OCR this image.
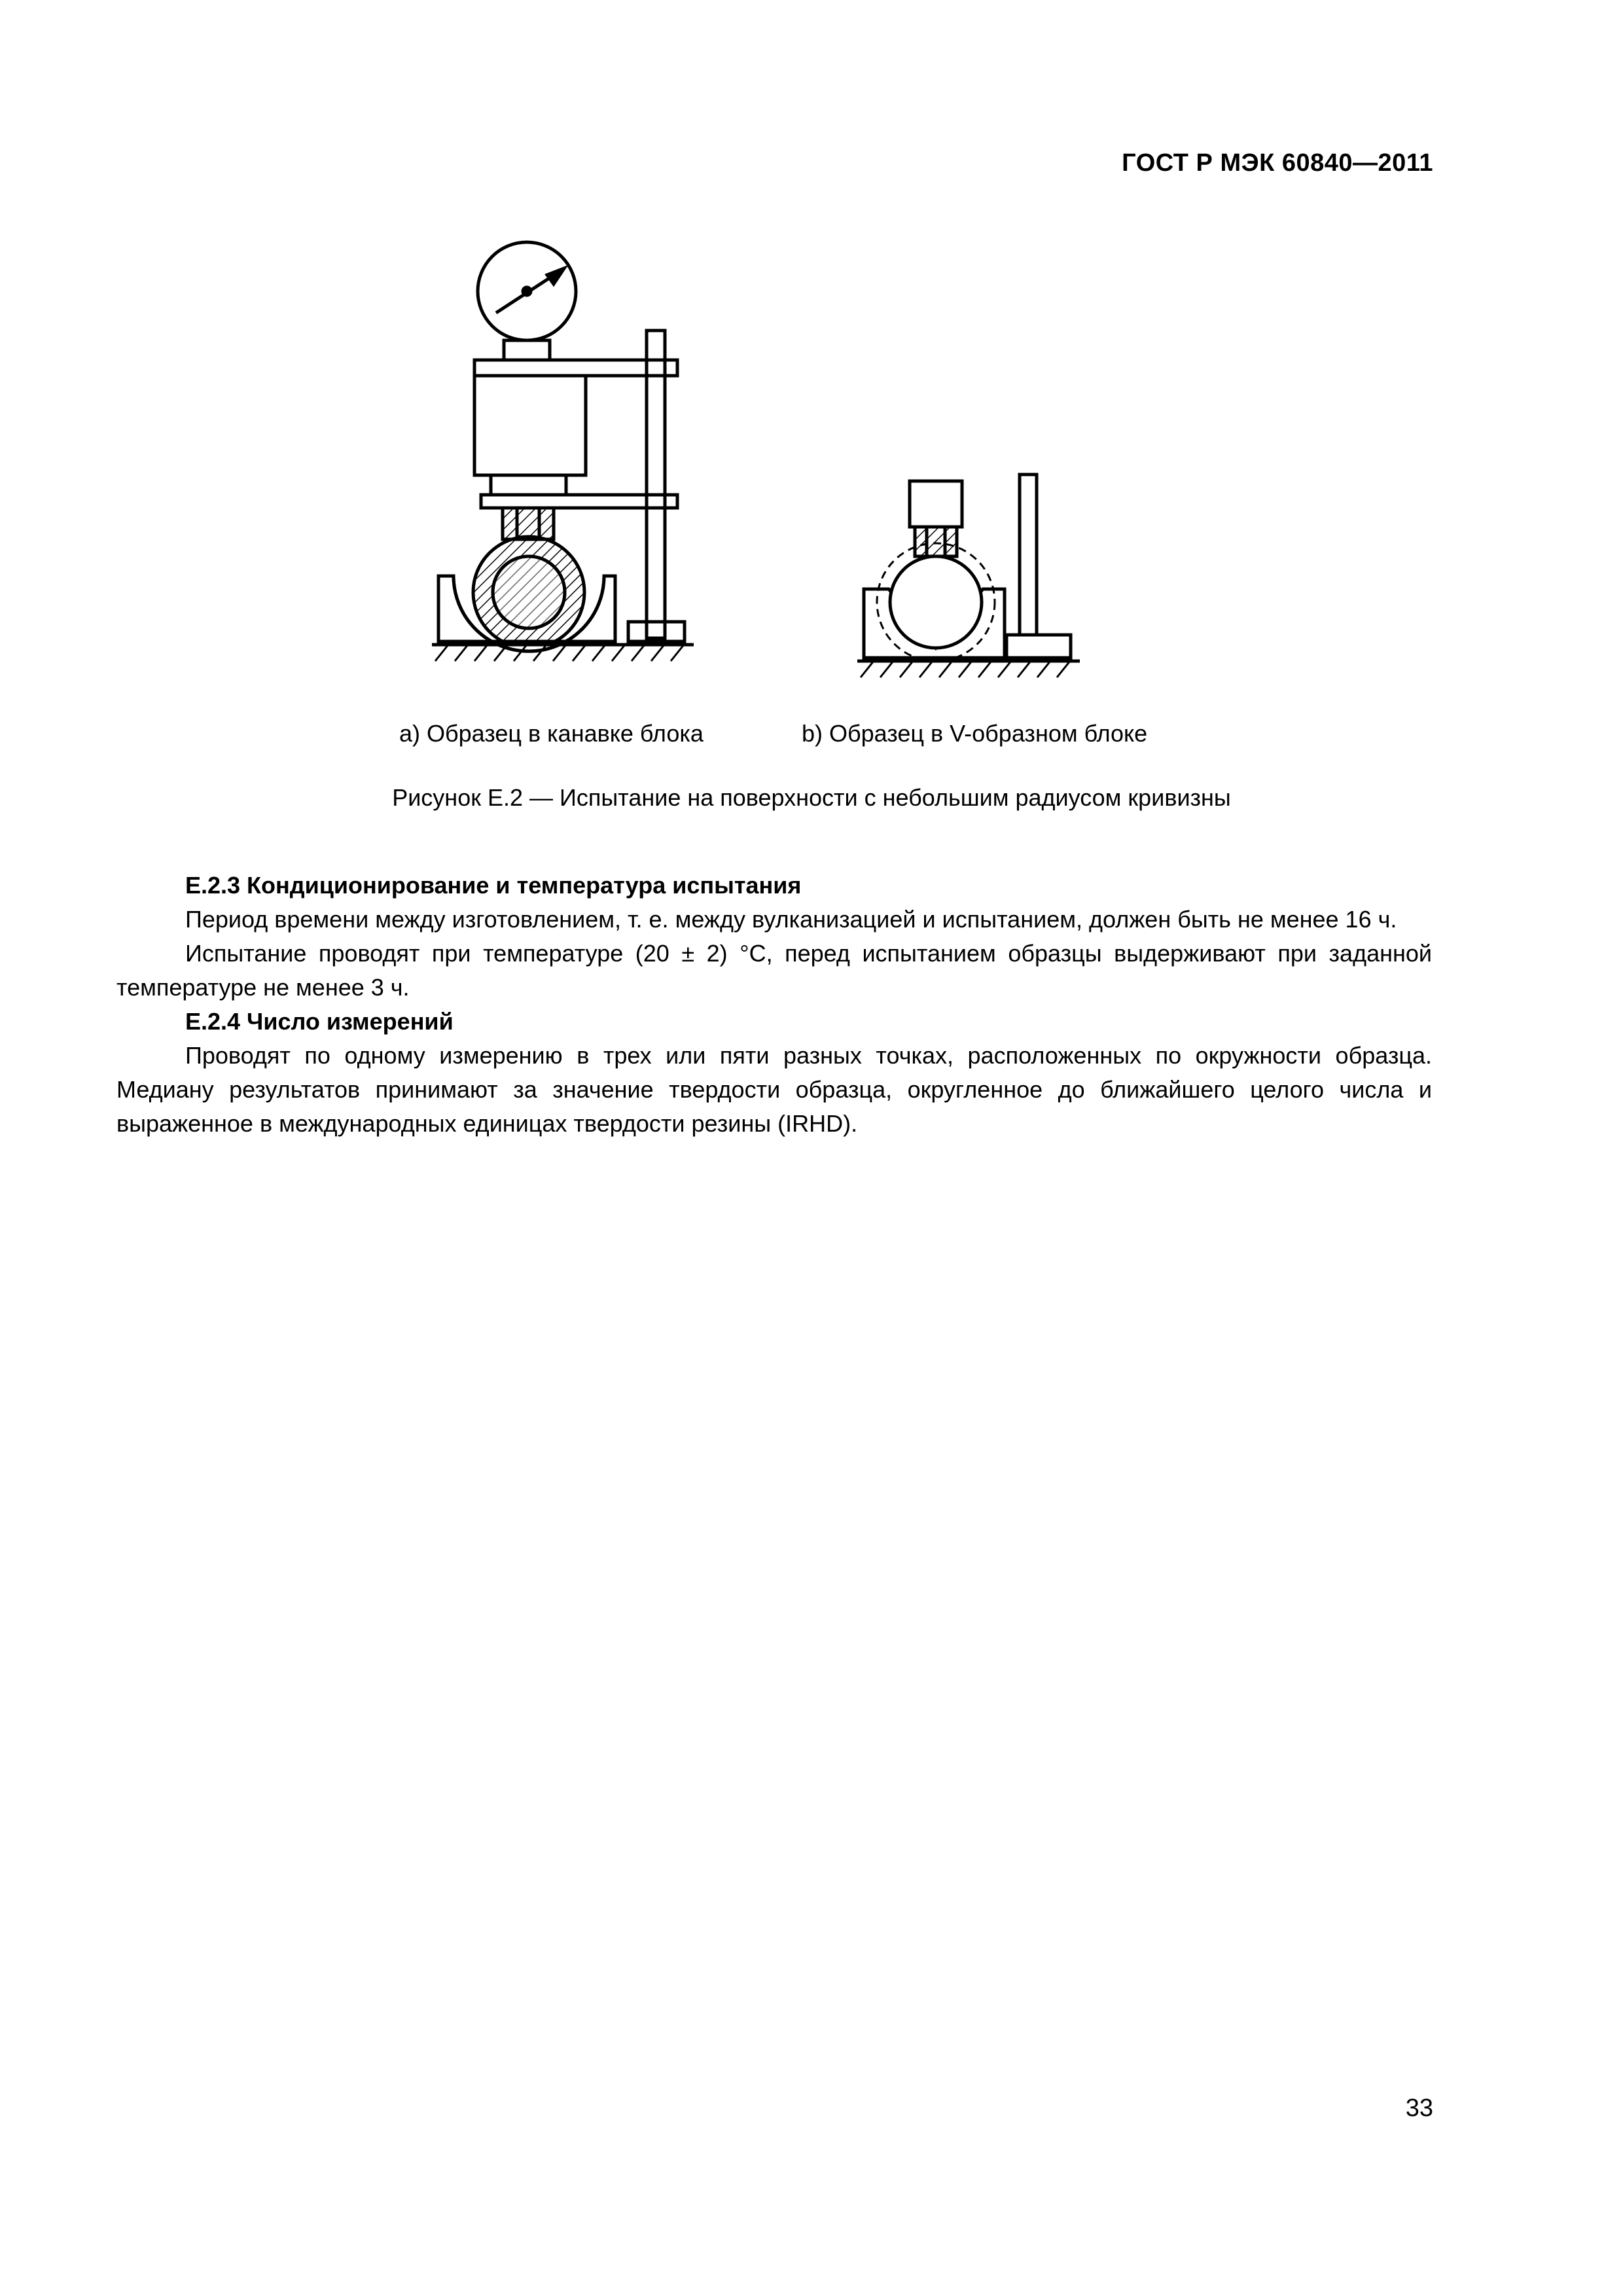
ГОСТ Р МЭК 60840—2011
a) Образец в канавке блока	b) Образец в V-образном блоке
Рисунок E.2 — Испытание на поверхности с небольшим радиусом кривизны

E.2.3 Кондиционирование и температура испытания

Период времени между изготовлением, т. е. между вулканизацией и испытанием, должен быть не менее 16 ч.

Испытание проводят при температуре (20 ± 2) °C, перед испытанием образцы выдерживают при заданной температуре не менее 3 ч.

E.2.4 Число измерений

Проводят по одному измерению в трех или пяти разных точках, расположенных по окружности образца. Медиану результатов принимают за значение твердости образца, округленное до ближайшего целого числа и выраженное в международных единицах твердости резины (IRHD).

33
